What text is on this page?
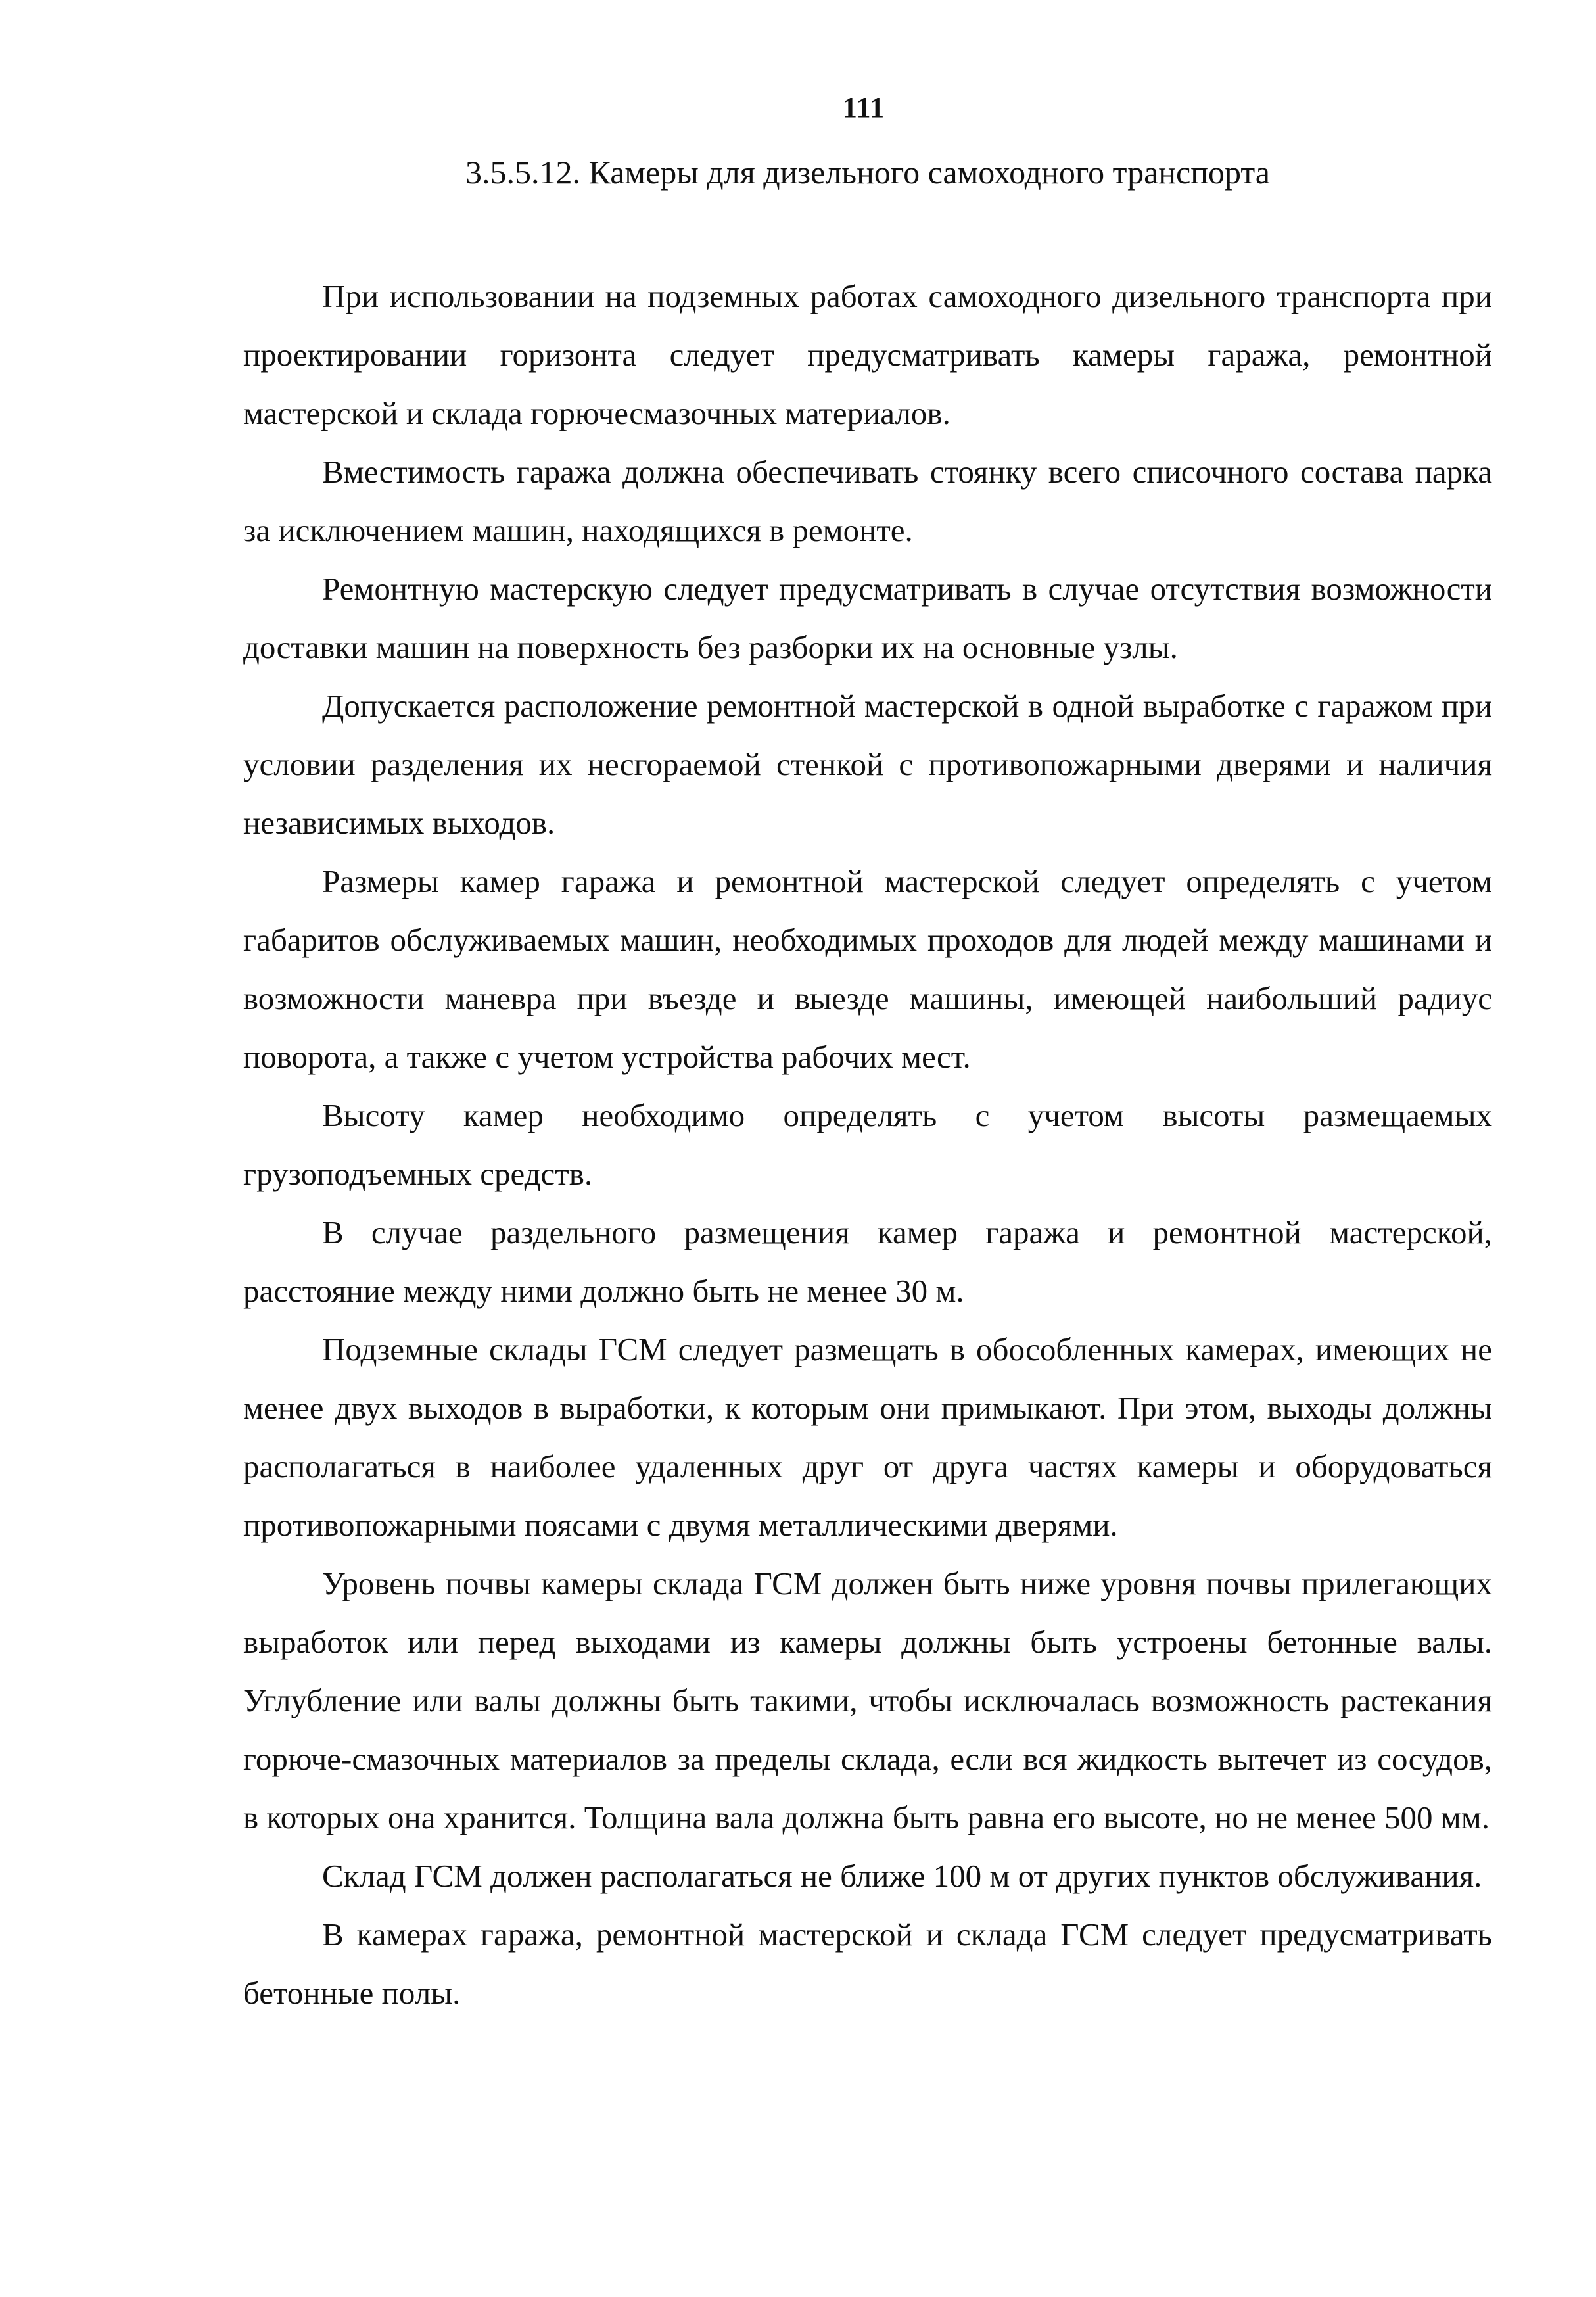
111
3.5.5.12. Камеры для дизельного самоходного транспорта

При использовании на подземных работах самоходного дизельного транспорта при проектировании горизонта следует предусматривать камеры гаража, ремонтной мастерской и склада горючесмазочных материалов.

Вместимость гаража должна обеспечивать стоянку всего списочного состава парка за исключением машин, находящихся в ремонте.

Ремонтную мастерскую следует предусматривать в случае отсутствия возможности доставки машин на поверхность без разборки их на основные узлы.

Допускается расположение ремонтной мастерской в одной выработке с гаражом при условии разделения их несгораемой стенкой с противопожарными дверями и наличия независимых выходов.

Размеры камер гаража и ремонтной мастерской следует определять с учетом габаритов обслуживаемых машин, необходимых проходов для людей между машинами и возможности маневра при въезде и выезде машины, имеющей наибольший радиус поворота, а также с учетом устройства рабочих мест.

Высоту камер необходимо определять с учетом высоты размещаемых грузоподъемных средств.

В случае раздельного размещения камер гаража и ремонтной мастерской, расстояние между ними должно быть не менее 30 м.

Подземные склады ГСМ следует размещать в обособленных камерах, имеющих не менее двух выходов в выработки, к которым они примыкают. При этом, выходы должны располагаться в наиболее удаленных друг от друга частях камеры и оборудоваться противопожарными поясами с двумя металлическими дверями.

Уровень почвы камеры склада ГСМ должен быть ниже уровня почвы прилегающих выработок или перед выходами из камеры должны быть устроены бетонные валы. Углубление или валы должны быть такими, чтобы исключалась возможность растекания горюче-смазочных материалов за пределы склада, если вся жидкость вытечет из сосудов, в которых она хранится. Толщина вала должна быть равна его высоте, но не менее 500 мм.

Склад ГСМ должен располагаться не ближе 100 м от других пунктов обслуживания.

В камерах гаража, ремонтной мастерской и склада ГСМ следует предусматривать бетонные полы.
